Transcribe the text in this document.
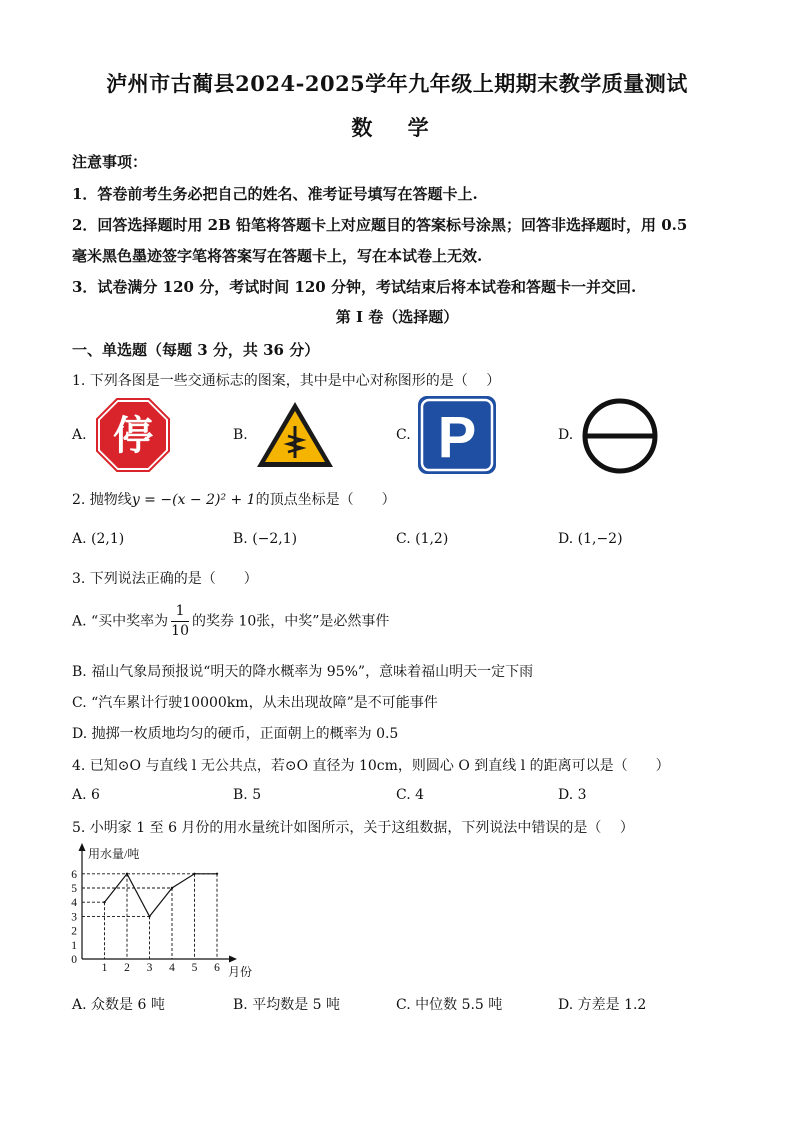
泸州市古蔺县2024-2025学年九年级上期期末教学质量测试
数 学
注意事项：
1．答卷前考生务必把自己的姓名、准考证号填写在答题卡上.
2．回答选择题时用 2B 铅笔将答题卡上对应题目的答案标号涂黑；回答非选择题时，用 0.5
毫米黑色墨迹签字笔将答案写在答题卡上，写在本试卷上无效.
3．试卷满分 120 分，考试时间 120 分钟，考试结束后将本试卷和答题卡一并交回.
第 I 卷（选择题）
一、单选题（每题 3 分，共 36 分）
1. 下列各图是一些交通标志的图案，其中是中心对称图形的是（　 ）
A.	B.	C.	D.
停	P
2. 抛物线y = −(x − 2)² + 1的顶点坐标是（　　）
A. (2,1)	B. (−2,1)	C. (1,2)	D. (1,−2)
3. 下列说法正确的是（　　）
A. “买中奖率为 $\frac{1}{10}$ 的奖券 10张，中奖”是必然事件
B. 福山气象局预报说“明天的降水概率为 95%”，意味着福山明天一定下雨
C. “汽车累计行驶10000km，从未出现故障”是不可能事件
D. 抛掷一枚质地均匀的硬币，正面朝上的概率为 0.5
4. 已知⊙O 与直线 l 无公共点，若⊙O 直径为 10cm，则圆心 O 到直线 l 的距离可以是（　　）
A. 6	B. 5	C. 4	D. 3
5. 小明家 1 至 6 月份的用水量统计如图所示，关于这组数据，下列说法中错误的是（　 ）
用水量/吨
月份
0
1
2
3
4
5
6
1 2 3 4 5 6
A. 众数是 6 吨	B. 平均数是 5 吨	C. 中位数 5.5 吨	D. 方差是 1.2
